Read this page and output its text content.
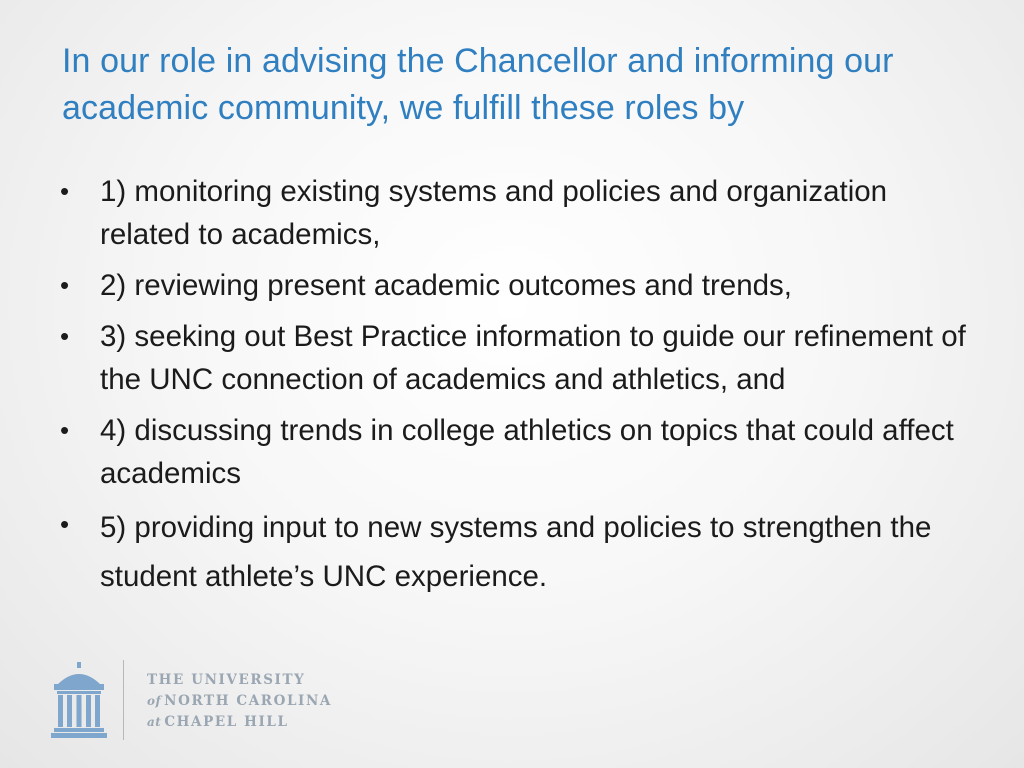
In our role in advising the Chancellor and informing our academic community, we fulfill these roles by
• 1) monitoring existing systems and policies and organization related to academics,
• 2) reviewing present academic outcomes and trends,
• 3) seeking out Best Practice information to guide our refinement of the UNC connection of academics and athletics, and
• 4) discussing trends in college athletics on topics that could affect academics
• 5) providing input to new systems and policies to strengthen the student athlete’s UNC experience.
THE UNIVERSITY
of NORTH CAROLINA
at CHAPEL HILL
